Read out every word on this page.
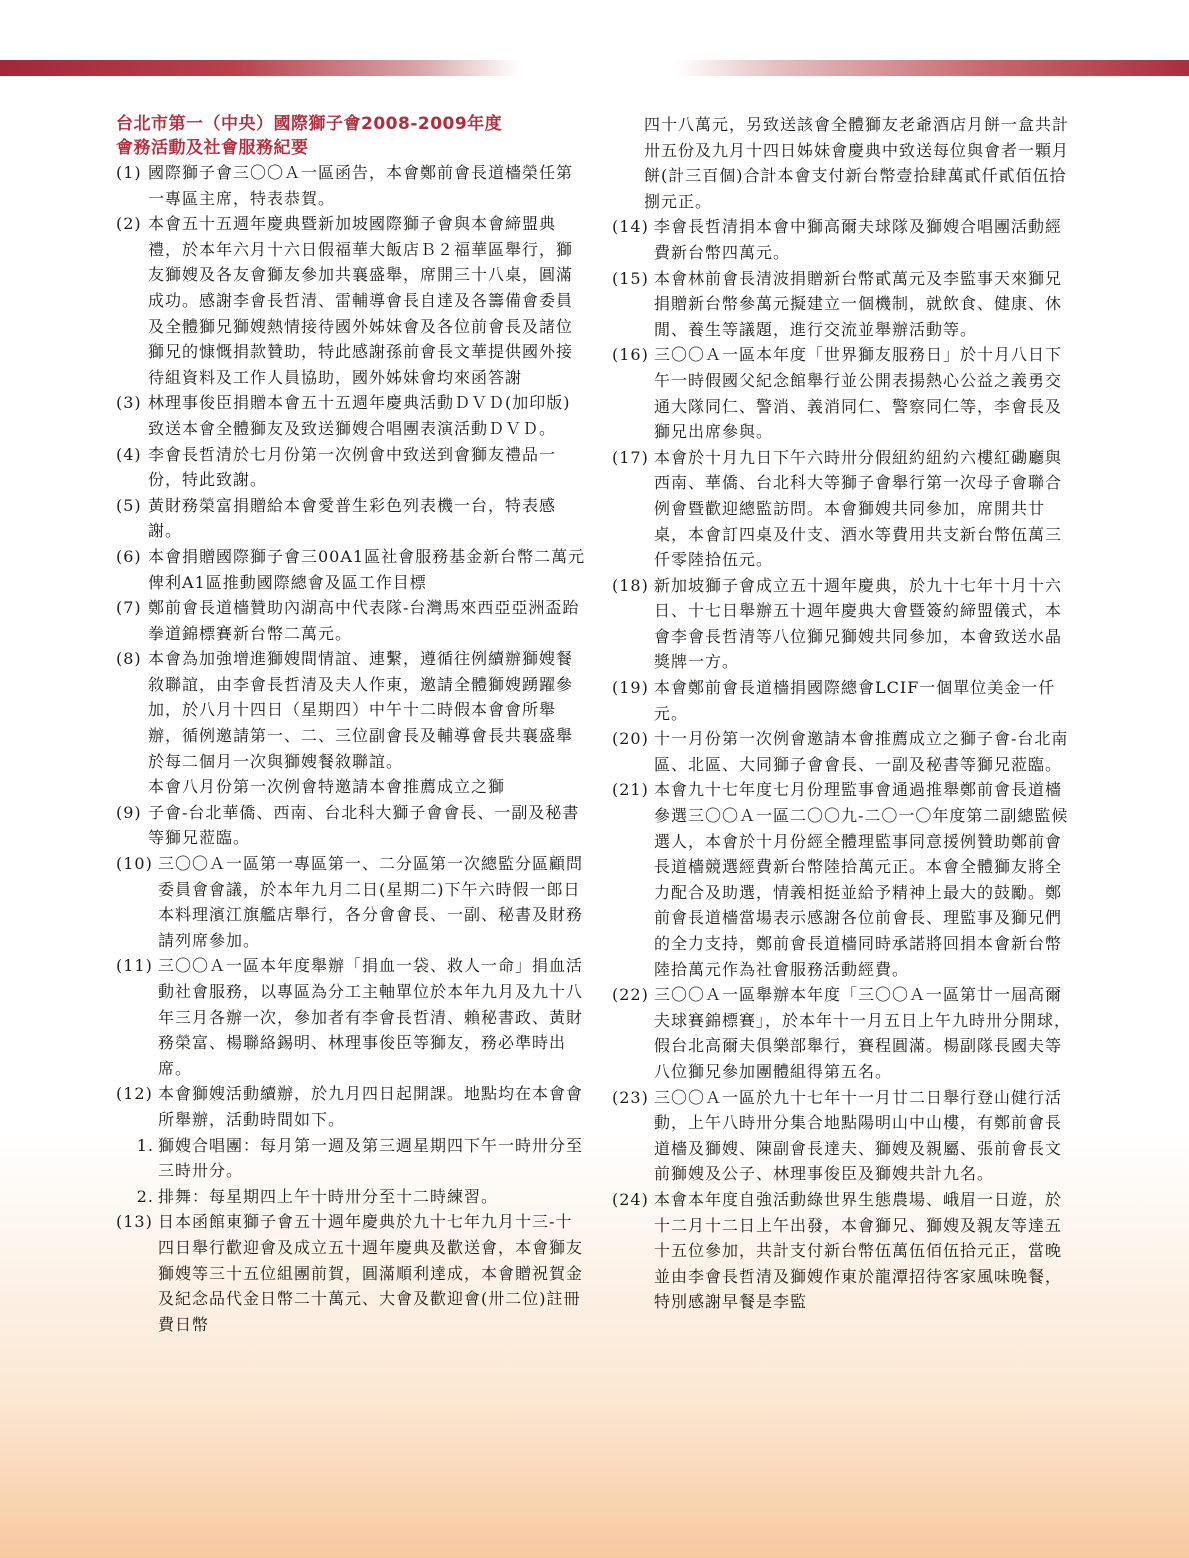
台北市第一（中央）國際獅子會2008-2009年度
會務活動及社會服務紀要
(1) 國際獅子會三〇〇Ａ一區函告，本會鄭前會長道檣榮任第一專區主席，特表恭賀。
(2) 本會五十五週年慶典暨新加坡國際獅子會與本會締盟典禮，於本年六月十六日假福華大飯店Ｂ２福華區舉行，獅友獅嫂及各友會獅友參加共襄盛舉，席開三十八桌，圓滿成功。感謝李會長哲清、雷輔導會長自達及各籌備會委員及全體獅兄獅嫂熱情接待國外姊妹會及各位前會長及諸位獅兄的慷慨捐款贊助，特此感謝孫前會長文華提供國外接待組資料及工作人員協助，國外姊妹會均來函答謝
(3) 林理事俊臣捐贈本會五十五週年慶典活動ＤＶＤ(加印版)致送本會全體獅友及致送獅嫂合唱團表演活動ＤＶＤ。
(4) 李會長哲清於七月份第一次例會中致送到會獅友禮品一份，特此致謝。
(5) 黃財務榮富捐贈給本會愛普生彩色列表機一台，特表感謝。
(6) 本會捐贈國際獅子會三00A1區社會服務基金新台幣二萬元俾利A1區推動國際總會及區工作目標
(7) 鄭前會長道檣贊助內湖高中代表隊-台灣馬來西亞亞洲盃跆拳道錦標賽新台幣二萬元。
(8) 本會為加強增進獅嫂間情誼、連繫，遵循往例續辦獅嫂餐敘聯誼，由李會長哲清及夫人作東，邀請全體獅嫂踴躍參加，於八月十四日（星期四）中午十二時假本會會所舉辦，循例邀請第一、二、三位副會長及輔導會長共襄盛舉於每二個月一次與獅嫂餐敘聯誼。
本會八月份第一次例會特邀請本會推薦成立之獅
(9) 子會-台北華僑、西南、台北科大獅子會會長、一副及秘書等獅兄蒞臨。
(10) 三〇〇Ａ一區第一專區第一、二分區第一次總監分區顧問委員會會議，於本年九月二日(星期二)下午六時假一郎日本料理濱江旗艦店舉行，各分會會長、一副、秘書及財務請列席參加。
(11) 三〇〇Ａ一區本年度舉辦「捐血一袋、救人一命」捐血活動社會服務，以專區為分工主軸單位於本年九月及九十八年三月各辦一次，參加者有李會長哲清、賴秘書政、黃財務榮富、楊聯絡錫明、林理事俊臣等獅友，務必準時出席。
(12) 本會獅嫂活動續辦，於九月四日起開課。地點均在本會會所舉辦，活動時間如下。
1. 獅嫂合唱團：每月第一週及第三週星期四下午一時卅分至三時卅分。
2. 排舞：每星期四上午十時卅分至十二時練習。
(13) 日本函館東獅子會五十週年慶典於九十七年九月十三-十四日舉行歡迎會及成立五十週年慶典及歡送會，本會獅友獅嫂等三十五位組團前賀，圓滿順利達成，本會贈祝賀金及紀念品代金日幣二十萬元、大會及歡迎會(卅二位)註冊費日幣
四十八萬元，另致送該會全體獅友老爺酒店月餅一盒共計卅五份及九月十四日姊妹會慶典中致送每位與會者一顆月餅(計三百個)合計本會支付新台幣壹拾肆萬貳仟貳佰伍拾捌元正。
(14) 李會長哲清捐本會中獅高爾夫球隊及獅嫂合唱團活動經費新台幣四萬元。
(15) 本會林前會長清波捐贈新台幣貳萬元及李監事天來獅兄捐贈新台幣參萬元擬建立一個機制，就飲食、健康、休閒、養生等議題，進行交流並舉辦活動等。
(16) 三〇〇Ａ一區本年度「世界獅友服務日」於十月八日下午一時假國父紀念館舉行並公開表揚熱心公益之義勇交通大隊同仁、警消、義消同仁、警察同仁等，李會長及獅兄出席參與。
(17) 本會於十月九日下午六時卅分假紐約紐約六樓紅磡廳與西南、華僑、台北科大等獅子會舉行第一次母子會聯合例會暨歡迎總監訪問。本會獅嫂共同參加，席開共廿桌，本會訂四桌及什支、酒水等費用共支新台幣伍萬三仟零陸拾伍元。
(18) 新加坡獅子會成立五十週年慶典，於九十七年十月十六日、十七日舉辦五十週年慶典大會暨簽約締盟儀式，本會李會長哲清等八位獅兄獅嫂共同參加，本會致送水晶獎牌一方。
(19) 本會鄭前會長道檣捐國際總會LCIF一個單位美金一仟元。
(20) 十一月份第一次例會邀請本會推薦成立之獅子會-台北南區、北區、大同獅子會會長、一副及秘書等獅兄蒞臨。
(21) 本會九十七年度七月份理監事會通過推舉鄭前會長道檣參選三〇〇Ａ一區二〇〇九-二〇一〇年度第二副總監候選人，本會於十月份經全體理監事同意援例贊助鄭前會長道檣競選經費新台幣陸拾萬元正。本會全體獅友將全力配合及助選，情義相挺並給予精神上最大的鼓勵。鄭前會長道檣當場表示感謝各位前會長、理監事及獅兄們的全力支持，鄭前會長道檣同時承諾將回捐本會新台幣陸拾萬元作為社會服務活動經費。
(22) 三〇〇Ａ一區舉辦本年度「三〇〇Ａ一區第廿一屆高爾夫球賽錦標賽」，於本年十一月五日上午九時卅分開球，假台北高爾夫俱樂部舉行，賽程圓滿。楊副隊長國夫等八位獅兄參加團體組得第五名。
(23) 三〇〇Ａ一區於九十七年十一月廿二日舉行登山健行活動，上午八時卅分集合地點陽明山中山樓，有鄭前會長道檣及獅嫂、陳副會長達夫、獅嫂及親屬、張前會長文前獅嫂及公子、林理事俊臣及獅嫂共計九名。
(24) 本會本年度自強活動綠世界生態農場、峨眉一日遊，於十二月十二日上午出發，本會獅兄、獅嫂及親友等達五十五位參加，共計支付新台幣伍萬伍佰伍拾元正，當晚並由李會長哲清及獅嫂作東於龍潭招待客家風味晚餐，特別感謝早餐是李監
